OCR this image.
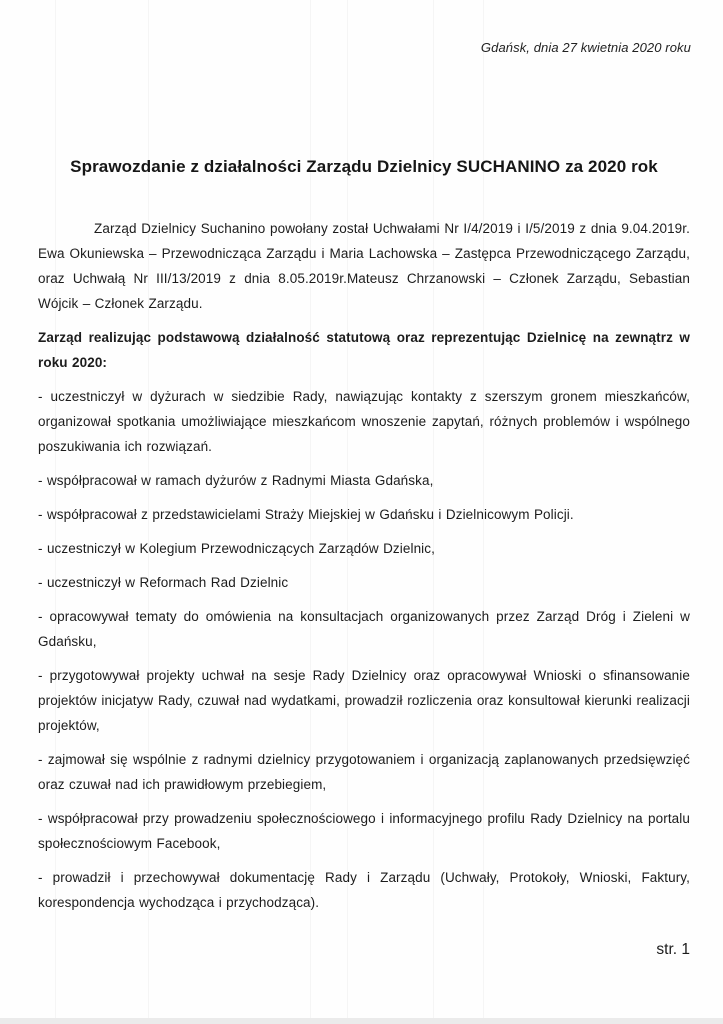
Gdańsk, dnia 27 kwietnia 2020 roku
Sprawozdanie z działalności Zarządu Dzielnicy SUCHANINO za 2020 rok

Zarząd Dzielnicy Suchanino powołany został Uchwałami Nr I/4/2019 i I/5/2019 z dnia 9.04.2019r. Ewa Okuniewska – Przewodnicząca Zarządu i Maria Lachowska – Zastępca Przewodniczącego Zarządu, oraz Uchwałą Nr III/13/2019 z dnia 8.05.2019r.Mateusz Chrzanowski – Członek Zarządu, Sebastian Wójcik – Członek Zarządu.

Zarząd realizując podstawową działalność statutową oraz reprezentując Dzielnicę na zewnątrz w roku 2020:

- uczestniczył w dyżurach w siedzibie Rady, nawiązując kontakty z szerszym gronem mieszkańców, organizował spotkania umożliwiające mieszkańcom wnoszenie zapytań, różnych problemów i wspólnego poszukiwania ich rozwiązań.

- współpracował w ramach dyżurów z Radnymi Miasta Gdańska,

- współpracował z przedstawicielami Straży Miejskiej w Gdańsku i Dzielnicowym Policji.

- uczestniczył w Kolegium Przewodniczących Zarządów Dzielnic,

- uczestniczył w Reformach Rad Dzielnic

- opracowywał tematy do omówienia na konsultacjach organizowanych przez Zarząd Dróg i Zieleni w Gdańsku,

- przygotowywał projekty uchwał na sesje Rady Dzielnicy oraz opracowywał Wnioski o sfinansowanie projektów inicjatyw Rady, czuwał nad wydatkami, prowadził rozliczenia oraz konsultował kierunki realizacji projektów,

- zajmował się wspólnie z radnymi dzielnicy przygotowaniem i organizacją zaplanowanych przedsięwzięć oraz czuwał nad ich prawidłowym przebiegiem,

- współpracował przy prowadzeniu społecznościowego i informacyjnego profilu Rady Dzielnicy na portalu społecznościowym Facebook,

- prowadził i przechowywał dokumentację Rady i Zarządu (Uchwały, Protokoły, Wnioski, Faktury, korespondencja wychodząca i przychodząca).

str. 1
